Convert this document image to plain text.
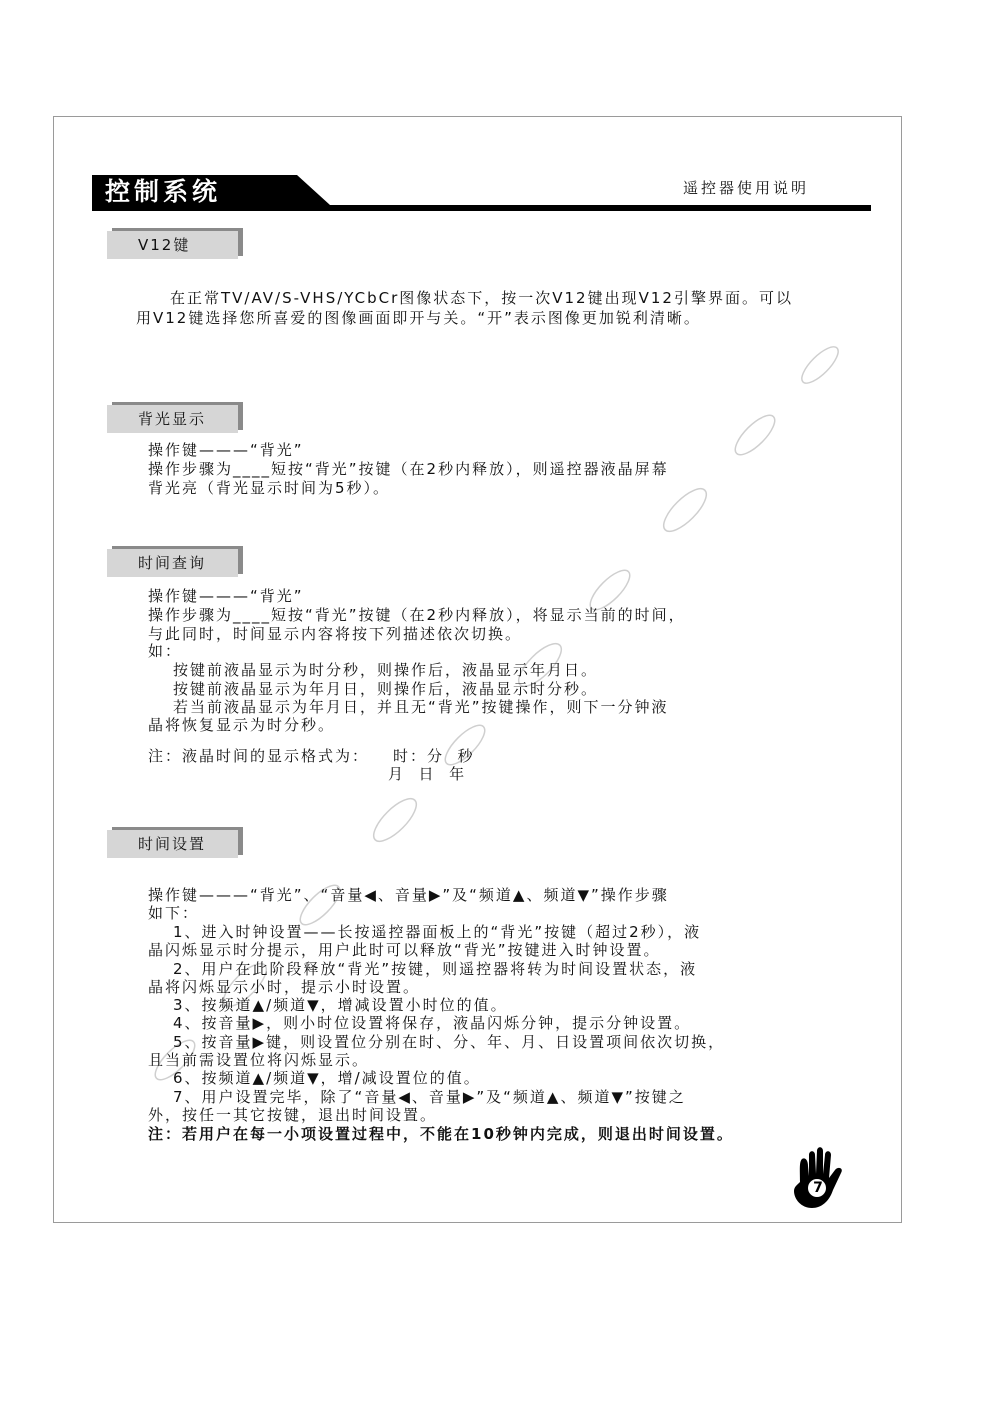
控制系统	遥控器使用说明
V12键
在正常TV/AV/S-VHS/YCbCr图像状态下，按一次V12键出现V12引擎界面。可以
用V12键选择您所喜爱的图像画面即开与关。“开”表示图像更加锐利清晰。
背光显示
操作键———“背光”
操作步骤为____短按“背光”按键（在2秒内释放），则遥控器液晶屏幕
背光亮（背光显示时间为5秒）。
时间查询
操作键———“背光”
操作步骤为____短按“背光”按键（在2秒内释放），将显示当前的时间，
与此同时，时间显示内容将按下列描述依次切换。
如：
按键前液晶显示为时分秒，则操作后，液晶显示年月日。
按键前液晶显示为年月日，则操作后，液晶显示时分秒。
若当前液晶显示为年月日，并且无“背光”按键操作，则下一分钟液
晶将恢复显示为时分秒。
注：液晶时间的显示格式为： 时：分  秒
月  日  年
时间设置
操作键———“背光”、“音量◀、音量▶”及“频道▲、频道▼”操作步骤
如下：
1、进入时钟设置——长按遥控器面板上的“背光”按键（超过2秒），液
晶闪烁显示时分提示，用户此时可以释放“背光”按键进入时钟设置。
2、用户在此阶段释放“背光”按键，则遥控器将转为时间设置状态，液
晶将闪烁显示小时，提示小时设置。
3、按频道▲/频道▼，增减设置小时位的值。
4、按音量▶，则小时位设置将保存，液晶闪烁分钟，提示分钟设置。
5、按音量▶键，则设置位分别在时、分、年、月、日设置项间依次切换，
且当前需设置位将闪烁显示。
6、按频道▲/频道▼，增/减设置位的值。
7、用户设置完毕，除了“音量◀、音量▶”及“频道▲、频道▼”按键之
外，按任一其它按键，退出时间设置。
注：若用户在每一小项设置过程中，不能在10秒钟内完成，则退出时间设置。
7
